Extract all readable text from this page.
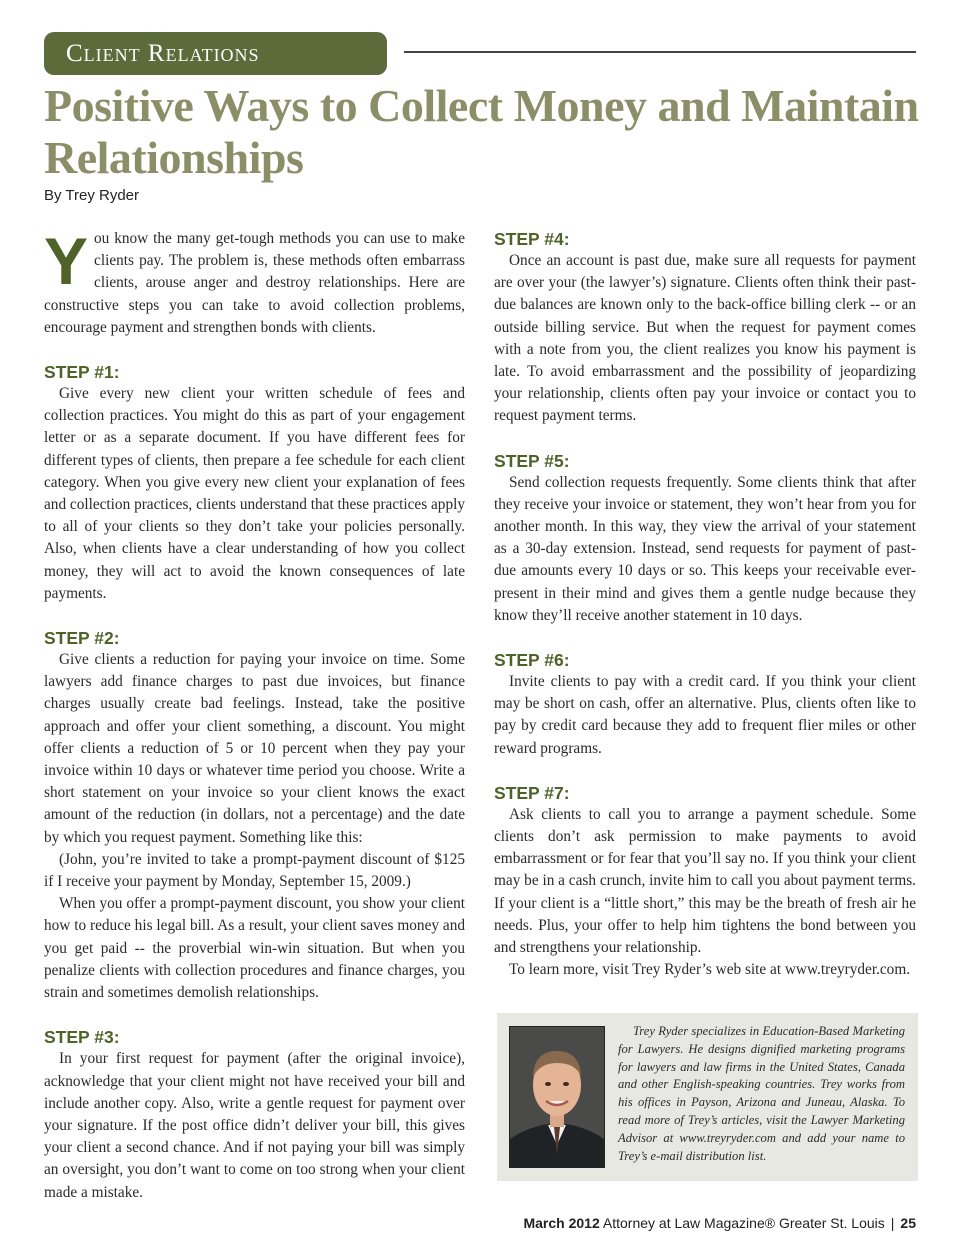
Client Relations
Positive Ways to Collect Money and Maintain Relationships
By Trey Ryder

You know the many get-tough methods you can use to make clients pay. The problem is, these methods often embarrass clients, arouse anger and destroy relationships. Here are constructive steps you can take to avoid collection problems, encourage payment and strengthen bonds with clients.

STEP #1:

Give every new client your written schedule of fees and collection practices. You might do this as part of your engagement letter or as a separate document. If you have different fees for different types of clients, then prepare a fee schedule for each client category. When you give every new client your explanation of fees and collection practices, clients understand that these practices apply to all of your clients so they don’t take your policies personally. Also, when clients have a clear understanding of how you collect money, they will act to avoid the known consequences of late payments.

STEP #2:

Give clients a reduction for paying your invoice on time. Some lawyers add finance charges to past due invoices, but finance charges usually create bad feelings. Instead, take the positive approach and offer your client something, a discount. You might offer clients a reduction of 5 or 10 percent when they pay your invoice within 10 days or whatever time period you choose. Write a short statement on your invoice so your client knows the exact amount of the reduction (in dollars, not a percentage) and the date by which you request payment. Something like this:

(John, you’re invited to take a prompt-payment discount of $125 if I receive your payment by Monday, September 15, 2009.)

When you offer a prompt-payment discount, you show your client how to reduce his legal bill. As a result, your client saves money and you get paid -- the proverbial win-win situation. But when you penalize clients with collection procedures and finance charges, you strain and sometimes demolish relationships.

STEP #3:

In your first request for payment (after the original invoice), acknowledge that your client might not have received your bill and include another copy. Also, write a gentle request for payment over your signature. If the post office didn’t deliver your bill, this gives your client a second chance. And if not paying your bill was simply an oversight, you don’t want to come on too strong when your client made a mistake.

STEP #4:

Once an account is past due, make sure all requests for payment are over your (the lawyer’s) signature. Clients often think their past-due balances are known only to the back-office billing clerk -- or an outside billing service. But when the request for payment comes with a note from you, the client realizes you know his payment is late. To avoid embarrassment and the possibility of jeopardizing your relationship, clients often pay your invoice or contact you to request payment terms.

STEP #5:

Send collection requests frequently. Some clients think that after they receive your invoice or statement, they won’t hear from you for another month. In this way, they view the arrival of your statement as a 30-day extension. Instead, send requests for payment of past-due amounts every 10 days or so. This keeps your receivable ever-present in their mind and gives them a gentle nudge because they know they’ll receive another statement in 10 days.

STEP #6:

Invite clients to pay with a credit card. If you think your client may be short on cash, offer an alternative. Plus, clients often like to pay by credit card because they add to frequent flier miles or other reward programs.

STEP #7:

Ask clients to call you to arrange a payment schedule. Some clients don’t ask permission to make payments to avoid embarrassment or for fear that you’ll say no. If you think your client may be in a cash crunch, invite him to call you about payment terms. If your client is a “little short,” this may be the breath of fresh air he needs. Plus, your offer to help him tightens the bond between you and strengthens your relationship.

To learn more, visit Trey Ryder’s web site at www.treyryder.com.

Trey Ryder specializes in Education-Based Marketing for Lawyers. He designs dignified marketing programs for lawyers and law firms in the United States, Canada and other English-speaking countries. Trey works from his offices in Payson, Arizona and Juneau, Alaska. To read more of Trey’s articles, visit the Lawyer Marketing Advisor at www.treyryder.com and add your name to Trey’s e-mail distribution list.

March 2012 Attorney at Law Magazine® Greater St. Louis | 25
